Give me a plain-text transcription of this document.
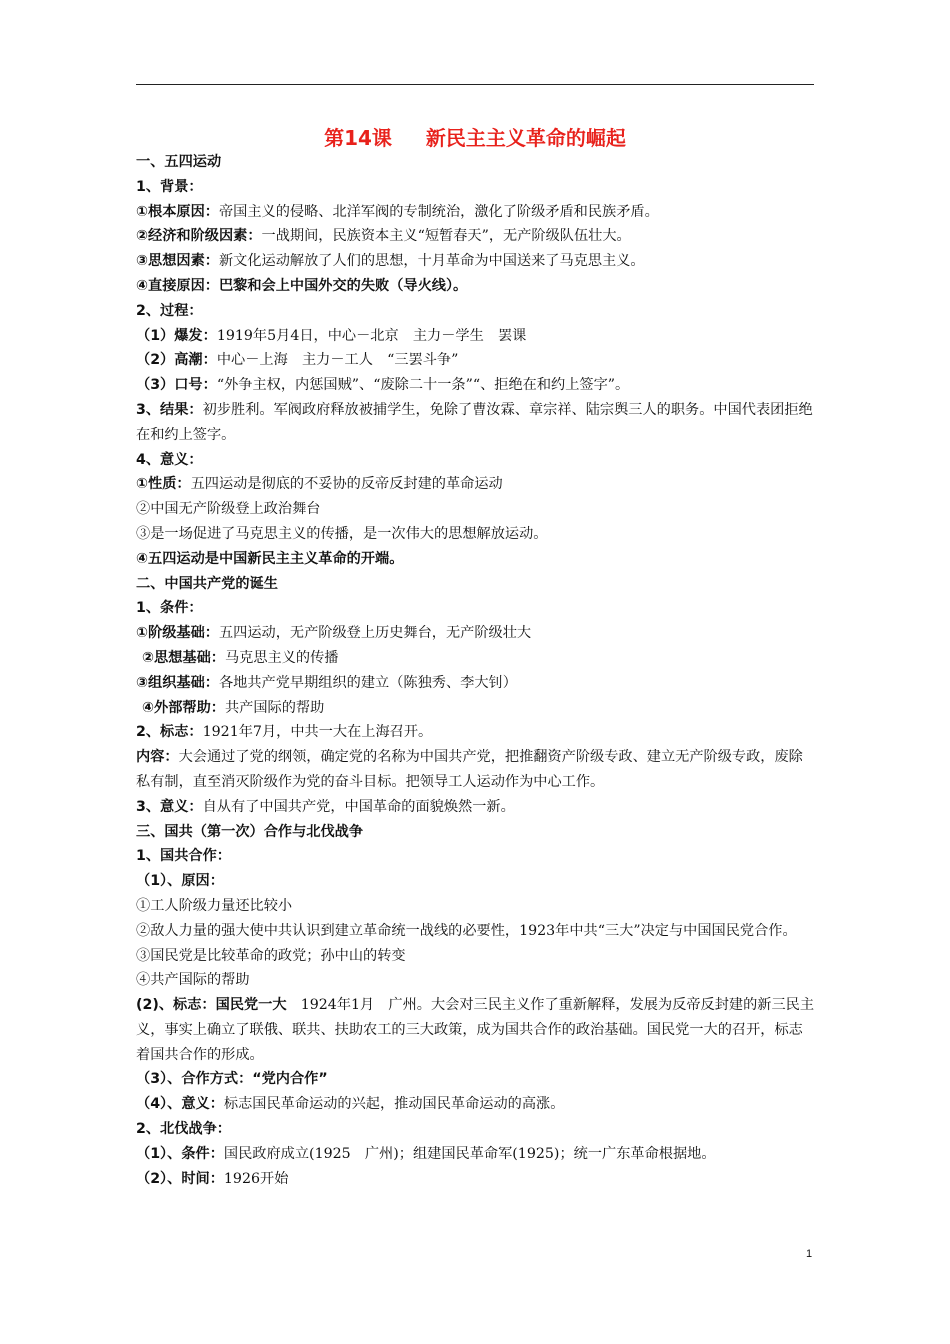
第14课 新民主主义革命的崛起

一、五四运动

1、背景：

①根本原因：帝国主义的侵略、北洋军阀的专制统治，激化了阶级矛盾和民族矛盾。

②经济和阶级因素：一战期间，民族资本主义“短暂春天”，无产阶级队伍壮大。

③思想因素：新文化运动解放了人们的思想，十月革命为中国送来了马克思主义。

④直接原因：巴黎和会上中国外交的失败（导火线）。

2、过程：

（1）爆发：1919年5月4日，中心－北京　主力－学生　罢课

（2）高潮：中心－上海　主力－工人　“三罢斗争”

（3）口号：“外争主权，内惩国贼”、“废除二十一条”“、拒绝在和约上签字”。

3、结果：初步胜利。军阀政府释放被捕学生，免除了曹汝霖、章宗祥、陆宗舆三人的职务。中国代表团拒绝在和约上签字。

4、意义：

①性质：五四运动是彻底的不妥协的反帝反封建的革命运动

②中国无产阶级登上政治舞台

③是一场促进了马克思主义的传播，是一次伟大的思想解放运动。

④五四运动是中国新民主主义革命的开端。

二、中国共产党的诞生

1、条件：

①阶级基础：五四运动，无产阶级登上历史舞台，无产阶级壮大

②思想基础：马克思主义的传播

③组织基础：各地共产党早期组织的建立（陈独秀、李大钊）

④外部帮助：共产国际的帮助

2、标志：1921年7月，中共一大在上海召开。

内容：大会通过了党的纲领，确定党的名称为中国共产党，把推翻资产阶级专政、建立无产阶级专政，废除私有制，直至消灭阶级作为党的奋斗目标。把领导工人运动作为中心工作。

3、意义：自从有了中国共产党，中国革命的面貌焕然一新。

三、国共（第一次）合作与北伐战争

1、国共合作：

（1）、原因：

①工人阶级力量还比较小

②敌人力量的强大使中共认识到建立革命统一战线的必要性，1923年中共“三大”决定与中国国民党合作。

③国民党是比较革命的政党；孙中山的转变

④共产国际的帮助

(2)、标志：国民党一大　1924年1月　广州。大会对三民主义作了重新解释，发展为反帝反封建的新三民主义，事实上确立了联俄、联共、扶助农工的三大政策，成为国共合作的政治基础。国民党一大的召开，标志着国共合作的形成。

（3）、合作方式：“党内合作”

（4）、意义：标志国民革命运动的兴起，推动国民革命运动的高涨。

2、北伐战争：

（1）、条件：国民政府成立(1925　广州)；组建国民革命军(1925)；统一广东革命根据地。

（2）、时间：1926开始

1
